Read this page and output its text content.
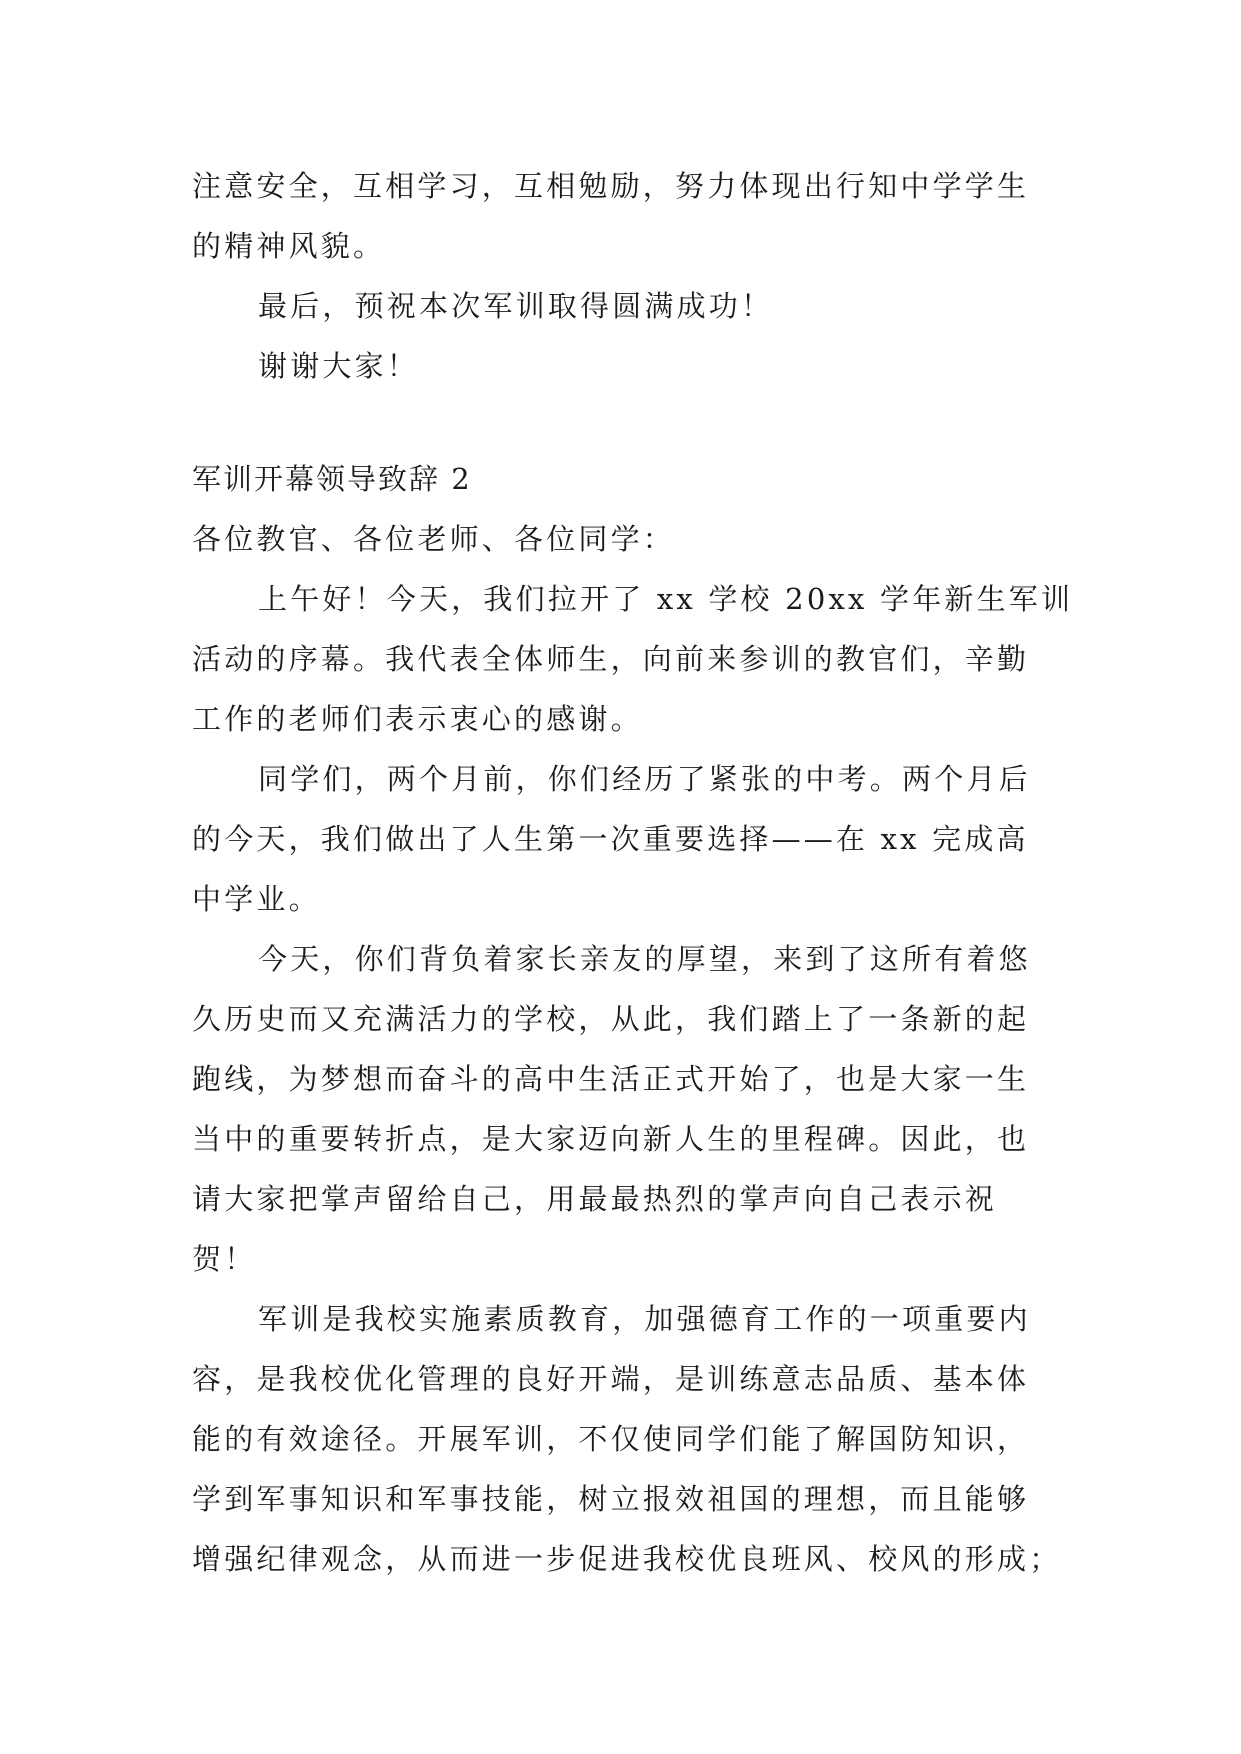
注意安全，互相学习，互相勉励，努力体现出行知中学学生
的精神风貌。
最后，预祝本次军训取得圆满成功！
谢谢大家！
军训开幕领导致辞 2
各位教官、各位老师、各位同学：
上午好！今天，我们拉开了 xx 学校 20xx 学年新生军训
活动的序幕。我代表全体师生，向前来参训的教官们，辛勤
工作的老师们表示衷心的感谢。
同学们，两个月前，你们经历了紧张的中考。两个月后
的今天，我们做出了人生第一次重要选择——在 xx 完成高
中学业。
今天，你们背负着家长亲友的厚望，来到了这所有着悠
久历史而又充满活力的学校，从此，我们踏上了一条新的起
跑线，为梦想而奋斗的高中生活正式开始了，也是大家一生
当中的重要转折点，是大家迈向新人生的里程碑。因此，也
请大家把掌声留给自己，用最最热烈的掌声向自己表示祝
贺！
军训是我校实施素质教育，加强德育工作的一项重要内
容，是我校优化管理的良好开端，是训练意志品质、基本体
能的有效途径。开展军训，不仅使同学们能了解国防知识，
学到军事知识和军事技能，树立报效祖国的理想，而且能够
增强纪律观念，从而进一步促进我校优良班风、校风的形成；
